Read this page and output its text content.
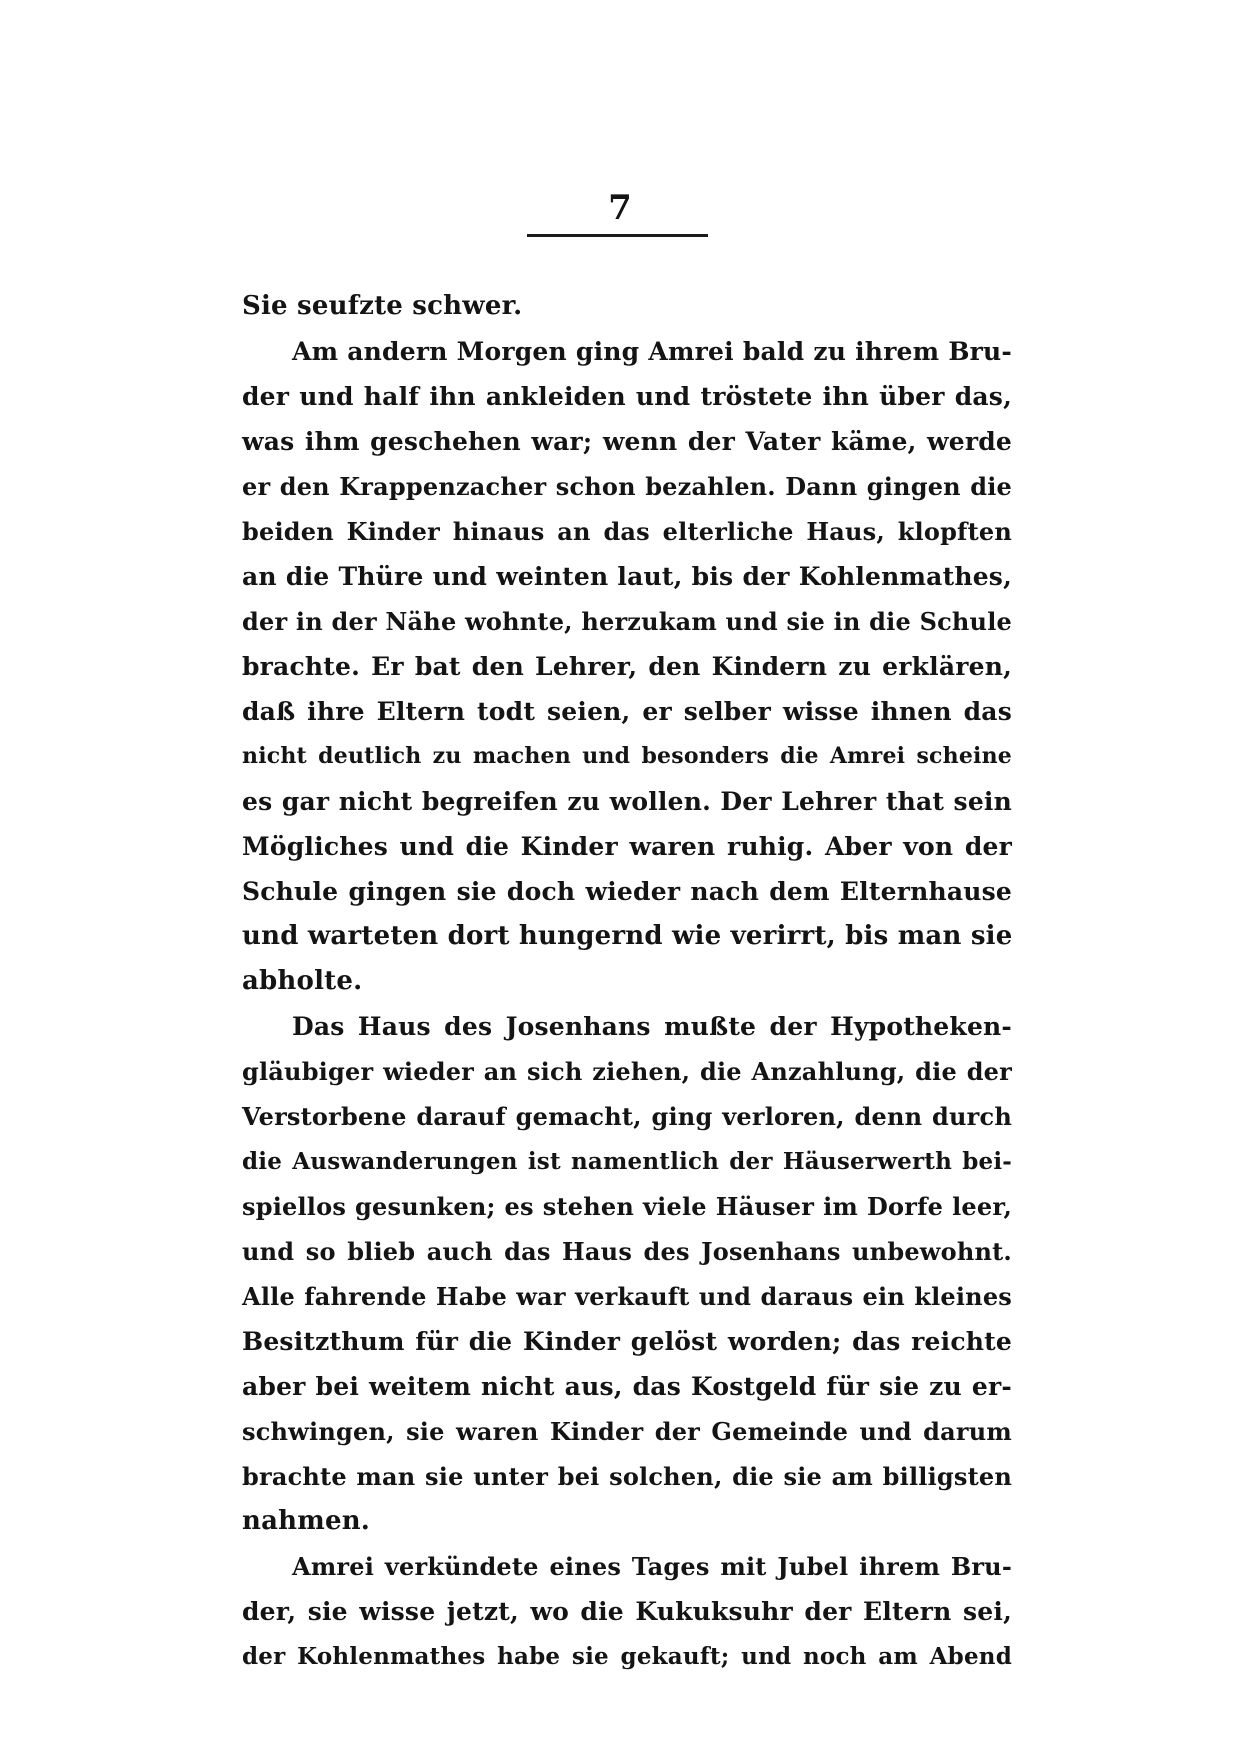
7
Sie seufzte schwer.
Am andern Morgen ging Amrei bald zu ihrem Bru-
der und half ihn ankleiden und tröstete ihn über das,
was ihm geschehen war; wenn der Vater käme, werde
er den Krappenzacher schon bezahlen. Dann gingen die
beiden Kinder hinaus an das elterliche Haus, klopften
an die Thüre und weinten laut, bis der Kohlenmathes,
der in der Nähe wohnte, herzukam und sie in die Schule
brachte. Er bat den Lehrer, den Kindern zu erklären,
daß ihre Eltern todt seien, er selber wisse ihnen das
nicht deutlich zu machen und besonders die Amrei scheine
es gar nicht begreifen zu wollen. Der Lehrer that sein
Mögliches und die Kinder waren ruhig. Aber von der
Schule gingen sie doch wieder nach dem Elternhause
und warteten dort hungernd wie verirrt, bis man sie
abholte.
Das Haus des Josenhans mußte der Hypotheken-
gläubiger wieder an sich ziehen, die Anzahlung, die der
Verstorbene darauf gemacht, ging verloren, denn durch
die Auswanderungen ist namentlich der Häuserwerth bei-
spiellos gesunken; es stehen viele Häuser im Dorfe leer,
und so blieb auch das Haus des Josenhans unbewohnt.
Alle fahrende Habe war verkauft und daraus ein kleines
Besitzthum für die Kinder gelöst worden; das reichte
aber bei weitem nicht aus, das Kostgeld für sie zu er-
schwingen, sie waren Kinder der Gemeinde und darum
brachte man sie unter bei solchen, die sie am billigsten
nahmen.
Amrei verkündete eines Tages mit Jubel ihrem Bru-
der, sie wisse jetzt, wo die Kukuksuhr der Eltern sei,
der Kohlenmathes habe sie gekauft; und noch am Abend
